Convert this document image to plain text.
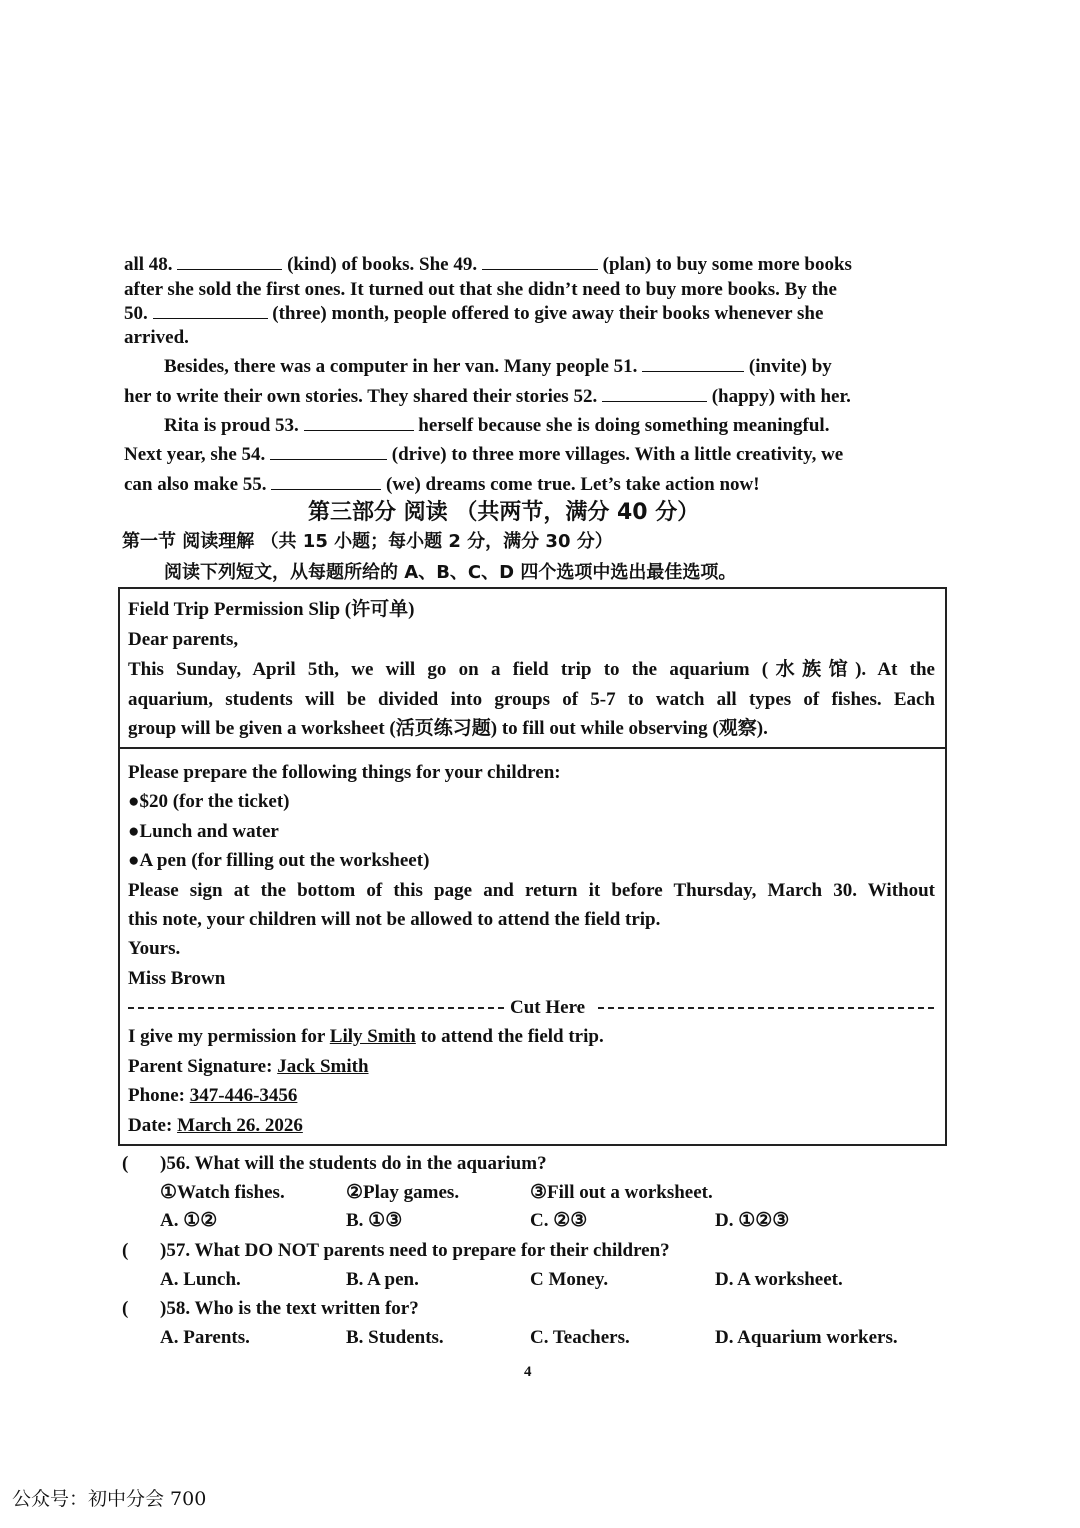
all 48.	(kind) of books. She 49.	(plan) to buy some more books
after she sold the first ones. It turned out that she didn’t need to buy more books. By the
50.	(three) month, people offered to give away their books whenever she
arrived.
Besides, there was a computer in her van. Many people 51.	(invite) by
her to write their own stories. They shared their stories 52.	(happy) with her.
Rita is proud 53.	herself because she is doing something meaningful.
Next year, she 54.	(drive) to three more villages. With a little creativity, we
can also make 55.	(we) dreams come true. Let’s take action now!
第三部分 阅读 （共两节，满分 40 分）
第一节 阅读理解 （共 15 小题；每小题 2 分，满分 30 分）
阅读下列短文，从每题所给的 A、B、C、D 四个选项中选出最佳选项。
Field Trip Permission Slip (许可单)
Dear parents,
This Sunday, April 5th, we will go on a field trip to the aquarium (水族馆). At the
aquarium, students will be divided into groups of 5-7 to watch all types of fishes. Each
group will be given a worksheet (活页练习题) to fill out while observing (观察).
Please prepare the following things for your children:
●$20 (for the ticket)
●Lunch and water
●A pen (for filling out the worksheet)
Please sign at the bottom of this page and return it before Thursday, March 30. Without
this note, your children will not be allowed to attend the field trip.
Yours.
Miss Brown
Cut Here
I give my permission for Lily Smith to attend the field trip.
Parent Signature: Jack Smith
Phone: 347-446-3456
Date: March 26. 2026
( )56. What will the students do in the aquarium?
①Watch fishes.	②Play games.	③Fill out a worksheet.
A. ①②	B. ①③	C. ②③	D. ①②③
( )57. What DO NOT parents need to prepare for their children?
A. Lunch.	B. A pen.	C Money.	D. A worksheet.
( )58. Who is the text written for?
A. Parents.	B. Students.	C. Teachers.	D. Aquarium workers.
4
公众号：初中分会 700
